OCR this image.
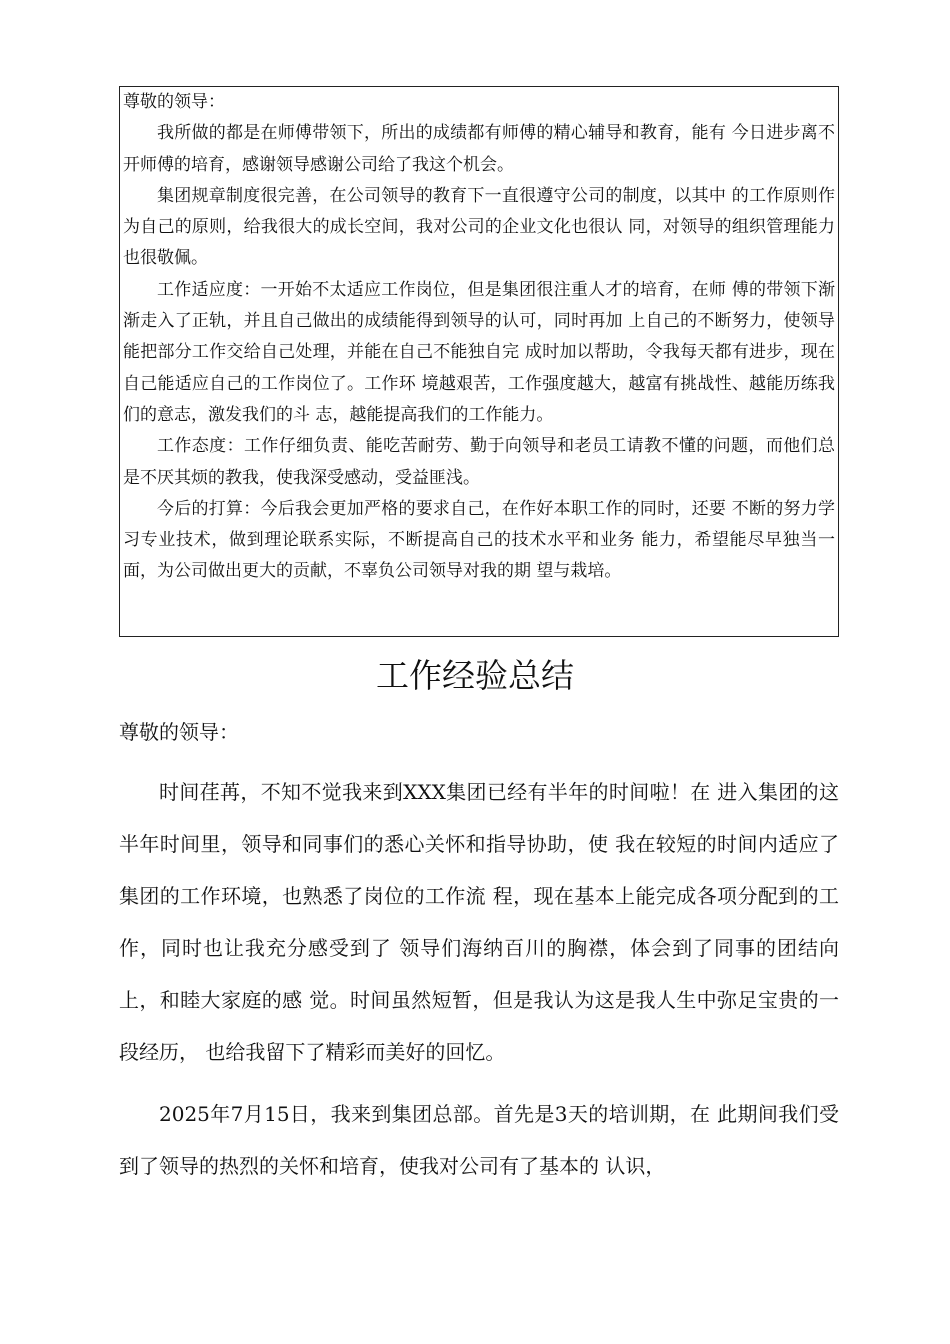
尊敬的领导：

我所做的都是在师傅带领下，所出的成绩都有师傅的精心辅导和教育，能有 今日进步离不开师傅的培育，感谢领导感谢公司给了我这个机会。

集团规章制度很完善，在公司领导的教育下一直很遵守公司的制度，以其中 的工作原则作为自己的原则，给我很大的成长空间，我对公司的企业文化也很认 同，对领导的组织管理能力也很敬佩。

工作适应度：一开始不太适应工作岗位，但是集团很注重人才的培育，在师 傅的带领下渐渐走入了正轨，并且自己做出的成绩能得到领导的认可，同时再加 上自己的不断努力，使领导能把部分工作交给自己处理，并能在自己不能独自完 成时加以帮助，令我每天都有进步，现在自己能适应自己的工作岗位了。工作环 境越艰苦，工作强度越大，越富有挑战性、越能历练我们的意志，激发我们的斗 志，越能提高我们的工作能力。

工作态度：工作仔细负责、能吃苦耐劳、勤于向领导和老员工请教不懂的问题，而他们总是不厌其烦的教我，使我深受感动，受益匪浅。

今后的打算：今后我会更加严格的要求自己，在作好本职工作的同时，还要 不断的努力学习专业技术，做到理论联系实际，不断提高自己的技术水平和业务 能力，希望能尽早独当一面，为公司做出更大的贡献，不辜负公司领导对我的期 望与栽培。

工作经验总结

尊敬的领导：

时间荏苒，不知不觉我来到XXX集团已经有半年的时间啦！在 进入集团的这半年时间里，领导和同事们的悉心关怀和指导协助，使 我在较短的时间内适应了集团的工作环境，也熟悉了岗位的工作流 程，现在基本上能完成各项分配到的工作，同时也让我充分感受到了 领导们海纳百川的胸襟，体会到了同事的团结向上，和睦大家庭的感 觉。时间虽然短暂，但是我认为这是我人生中弥足宝贵的一段经历， 也给我留下了精彩而美好的回忆。

2025年7月15日，我来到集团总部。首先是3天的培训期，在 此期间我们受到了领导的热烈的关怀和培育，使我对公司有了基本的 认识，
